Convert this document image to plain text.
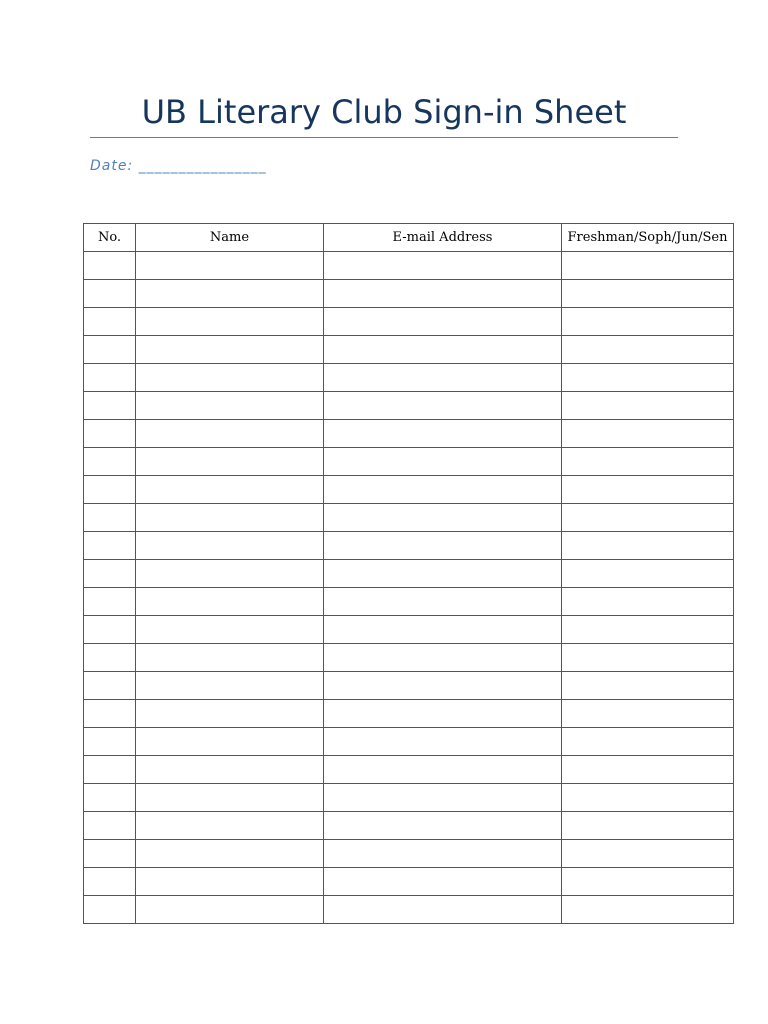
UB Literary Club Sign-in Sheet
Date: ________________
No.	Name	E-mail Address	Freshman/Soph/Jun/Sen
